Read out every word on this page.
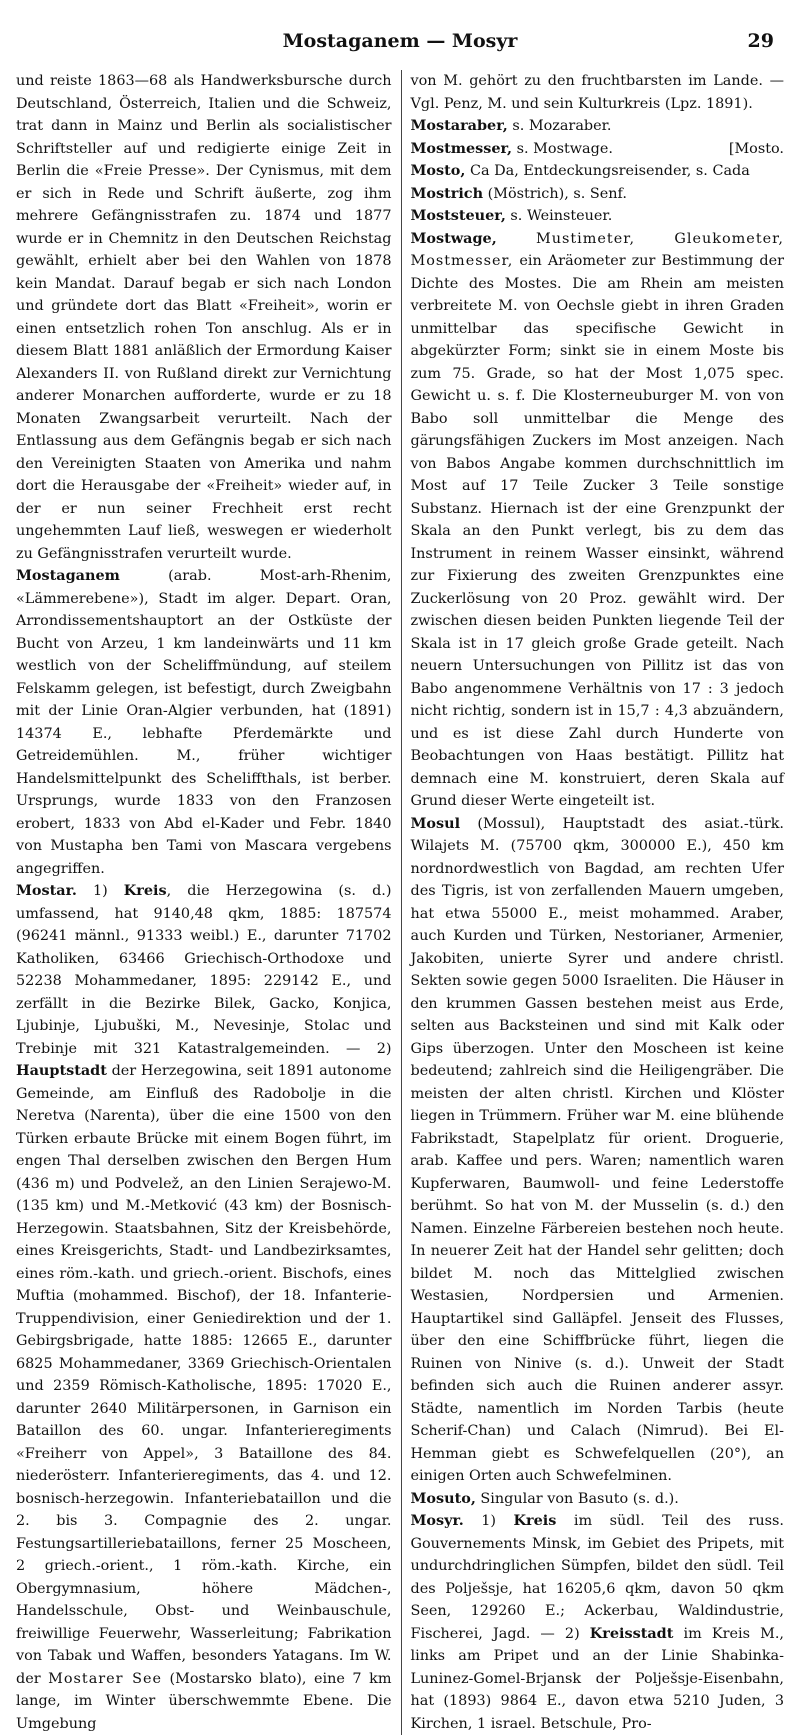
Mostaganem — Mosyr	29
und reiste 1863—68 als Handwerksbursche durch Deutschland, Österreich, Italien und die Schweiz, trat dann in Mainz und Berlin als socialistischer Schriftsteller auf und redigierte einige Zeit in Berlin die «Freie Presse». Der Cynismus, mit dem er sich in Rede und Schrift äußerte, zog ihm mehrere Gefängnisstrafen zu. 1874 und 1877 wurde er in Chemnitz in den Deutschen Reichstag gewählt, erhielt aber bei den Wahlen von 1878 kein Mandat. Darauf begab er sich nach London und gründete dort das Blatt «Freiheit», worin er einen entsetzlich rohen Ton anschlug. Als er in diesem Blatt 1881 anläßlich der Ermordung Kaiser Alexanders II. von Rußland direkt zur Vernichtung anderer Monarchen aufforderte, wurde er zu 18 Monaten Zwangsarbeit verurteilt. Nach der Entlassung aus dem Gefängnis begab er sich nach den Vereinigten Staaten von Amerika und nahm dort die Herausgabe der «Freiheit» wieder auf, in der er nun seiner Frechheit erst recht ungehemmten Lauf ließ, weswegen er wiederholt zu Gefängnisstrafen verurteilt wurde.
Mostaganem (arab. Most-arh-Rhenim, «Lämmerebene»), Stadt im alger. Depart. Oran, Arrondissementshauptort an der Ostküste der Bucht von Arzeu, 1 km landeinwärts und 11 km westlich von der Scheliffmündung, auf steilem Felskamm gelegen, ist befestigt, durch Zweigbahn mit der Linie Oran-Algier verbunden, hat (1891) 14374 E., lebhafte Pferdemärkte und Getreidemühlen. M., früher wichtiger Handelsmittelpunkt des Scheliffthals, ist berber. Ursprungs, wurde 1833 von den Franzosen erobert, 1833 von Abd el-Kader und Febr. 1840 von Mustapha ben Tami von Mascara vergebens angegriffen.
Mostar. 1) Kreis, die Herzegowina (s. d.) umfassend, hat 9140,48 qkm, 1885: 187574 (96241 männl., 91333 weibl.) E., darunter 71702 Katholiken, 63466 Griechisch-Orthodoxe und 52238 Mohammedaner, 1895: 229142 E., und zerfällt in die Bezirke Bilek, Gacko, Konjica, Ljubinje, Ljubuški, M., Nevesinje, Stolac und Trebinje mit 321 Katastralgemeinden. — 2) Hauptstadt der Herzegowina, seit 1891 autonome Gemeinde, am Einfluß des Radobolje in die Neretva (Narenta), über die eine 1500 von den Türken erbaute Brücke mit einem Bogen führt, im engen Thal derselben zwischen den Bergen Hum (436 m) und Podvelež, an den Linien Serajewo-M. (135 km) und M.-Metković (43 km) der Bosnisch-Herzegowin. Staatsbahnen, Sitz der Kreisbehörde, eines Kreisgerichts, Stadt- und Landbezirksamtes, eines röm.-kath. und griech.-orient. Bischofs, eines Muftia (mohammed. Bischof), der 18. Infanterie-Truppendivision, einer Geniedirektion und der 1. Gebirgsbrigade, hatte 1885: 12665 E., darunter 6825 Mohammedaner, 3369 Griechisch-Orientalen und 2359 Römisch-Katholische, 1895: 17020 E., darunter 2640 Militärpersonen, in Garnison ein Bataillon des 60. ungar. Infanterieregiments «Freiherr von Appel», 3 Bataillone des 84. niederösterr. Infanterieregiments, das 4. und 12. bosnisch-herzegowin. Infanteriebataillon und die 2. bis 3. Compagnie des 2. ungar. Festungsartilleriebataillons, ferner 25 Moscheen, 2 griech.-orient., 1 röm.-kath. Kirche, ein Obergymnasium, höhere Mädchen-, Handelsschule, Obst- und Weinbauschule, freiwillige Feuerwehr, Wasserleitung; Fabrikation von Tabak und Waffen, besonders Yatagans. Im W. der Mostarer See (Mostarsko blato), eine 7 km lange, im Winter überschwemmte Ebene. Die Umgebung
von M. gehört zu den fruchtbarsten im Lande. — Vgl. Penz, M. und sein Kulturkreis (Lpz. 1891).
Mostaraber, s. Mozaraber.
Mostmesser, s. Mostwage.	[Mosto.
Mosto, Ca Da, Entdeckungsreisender, s. Cada
Mostrich (Möstrich), s. Senf.
Moststeuer, s. Weinsteuer.
Mostwage, Mustimeter, Gleukometer, Mostmesser, ein Aräometer zur Bestimmung der Dichte des Mostes. Die am Rhein am meisten verbreitete M. von Oechsle giebt in ihren Graden unmittelbar das specifische Gewicht in abgekürzter Form; sinkt sie in einem Moste bis zum 75. Grade, so hat der Most 1,075 spec. Gewicht u. s. f. Die Klosterneuburger M. von von Babo soll unmittelbar die Menge des gärungsfähigen Zuckers im Most anzeigen. Nach von Babos Angabe kommen durchschnittlich im Most auf 17 Teile Zucker 3 Teile sonstige Substanz. Hiernach ist der eine Grenzpunkt der Skala an den Punkt verlegt, bis zu dem das Instrument in reinem Wasser einsinkt, während zur Fixierung des zweiten Grenzpunktes eine Zuckerlösung von 20 Proz. gewählt wird. Der zwischen diesen beiden Punkten liegende Teil der Skala ist in 17 gleich große Grade geteilt. Nach neuern Untersuchungen von Pillitz ist das von Babo angenommene Verhältnis von 17 : 3 jedoch nicht richtig, sondern ist in 15,7 : 4,3 abzuändern, und es ist diese Zahl durch Hunderte von Beobachtungen von Haas bestätigt. Pillitz hat demnach eine M. konstruiert, deren Skala auf Grund dieser Werte eingeteilt ist.
Mosul (Mossul), Hauptstadt des asiat.-türk. Wilajets M. (75700 qkm, 300000 E.), 450 km nordnordwestlich von Bagdad, am rechten Ufer des Tigris, ist von zerfallenden Mauern umgeben, hat etwa 55000 E., meist mohammed. Araber, auch Kurden und Türken, Nestorianer, Armenier, Jakobiten, unierte Syrer und andere christl. Sekten sowie gegen 5000 Israeliten. Die Häuser in den krummen Gassen bestehen meist aus Erde, selten aus Backsteinen und sind mit Kalk oder Gips überzogen. Unter den Moscheen ist keine bedeutend; zahlreich sind die Heiligengräber. Die meisten der alten christl. Kirchen und Klöster liegen in Trümmern. Früher war M. eine blühende Fabrikstadt, Stapelplatz für orient. Droguerie, arab. Kaffee und pers. Waren; namentlich waren Kupferwaren, Baumwoll- und feine Lederstoffe berühmt. So hat von M. der Musselin (s. d.) den Namen. Einzelne Färbereien bestehen noch heute. In neuerer Zeit hat der Handel sehr gelitten; doch bildet M. noch das Mittelglied zwischen Westasien, Nordpersien und Armenien. Hauptartikel sind Galläpfel. Jenseit des Flusses, über den eine Schiffbrücke führt, liegen die Ruinen von Ninive (s. d.). Unweit der Stadt befinden sich auch die Ruinen anderer assyr. Städte, namentlich im Norden Tarbis (heute Scherif-Chan) und Calach (Nimrud). Bei El-Hemman giebt es Schwefelquellen (20°), an einigen Orten auch Schwefelminen.
Mosuto, Singular von Basuto (s. d.).
Mosyr. 1) Kreis im südl. Teil des russ. Gouvernements Minsk, im Gebiet des Pripets, mit undurchdringlichen Sümpfen, bildet den südl. Teil des Polješsje, hat 16205,6 qkm, davon 50 qkm Seen, 129260 E.; Ackerbau, Waldindustrie, Fischerei, Jagd. — 2) Kreisstadt im Kreis M., links am Pripet und an der Linie Shabinka-Luninez-Gomel-Brjansk der Polješsje-Eisenbahn, hat (1893) 9864 E., davon etwa 5210 Juden, 3 Kirchen, 1 israel. Betschule, Pro-
